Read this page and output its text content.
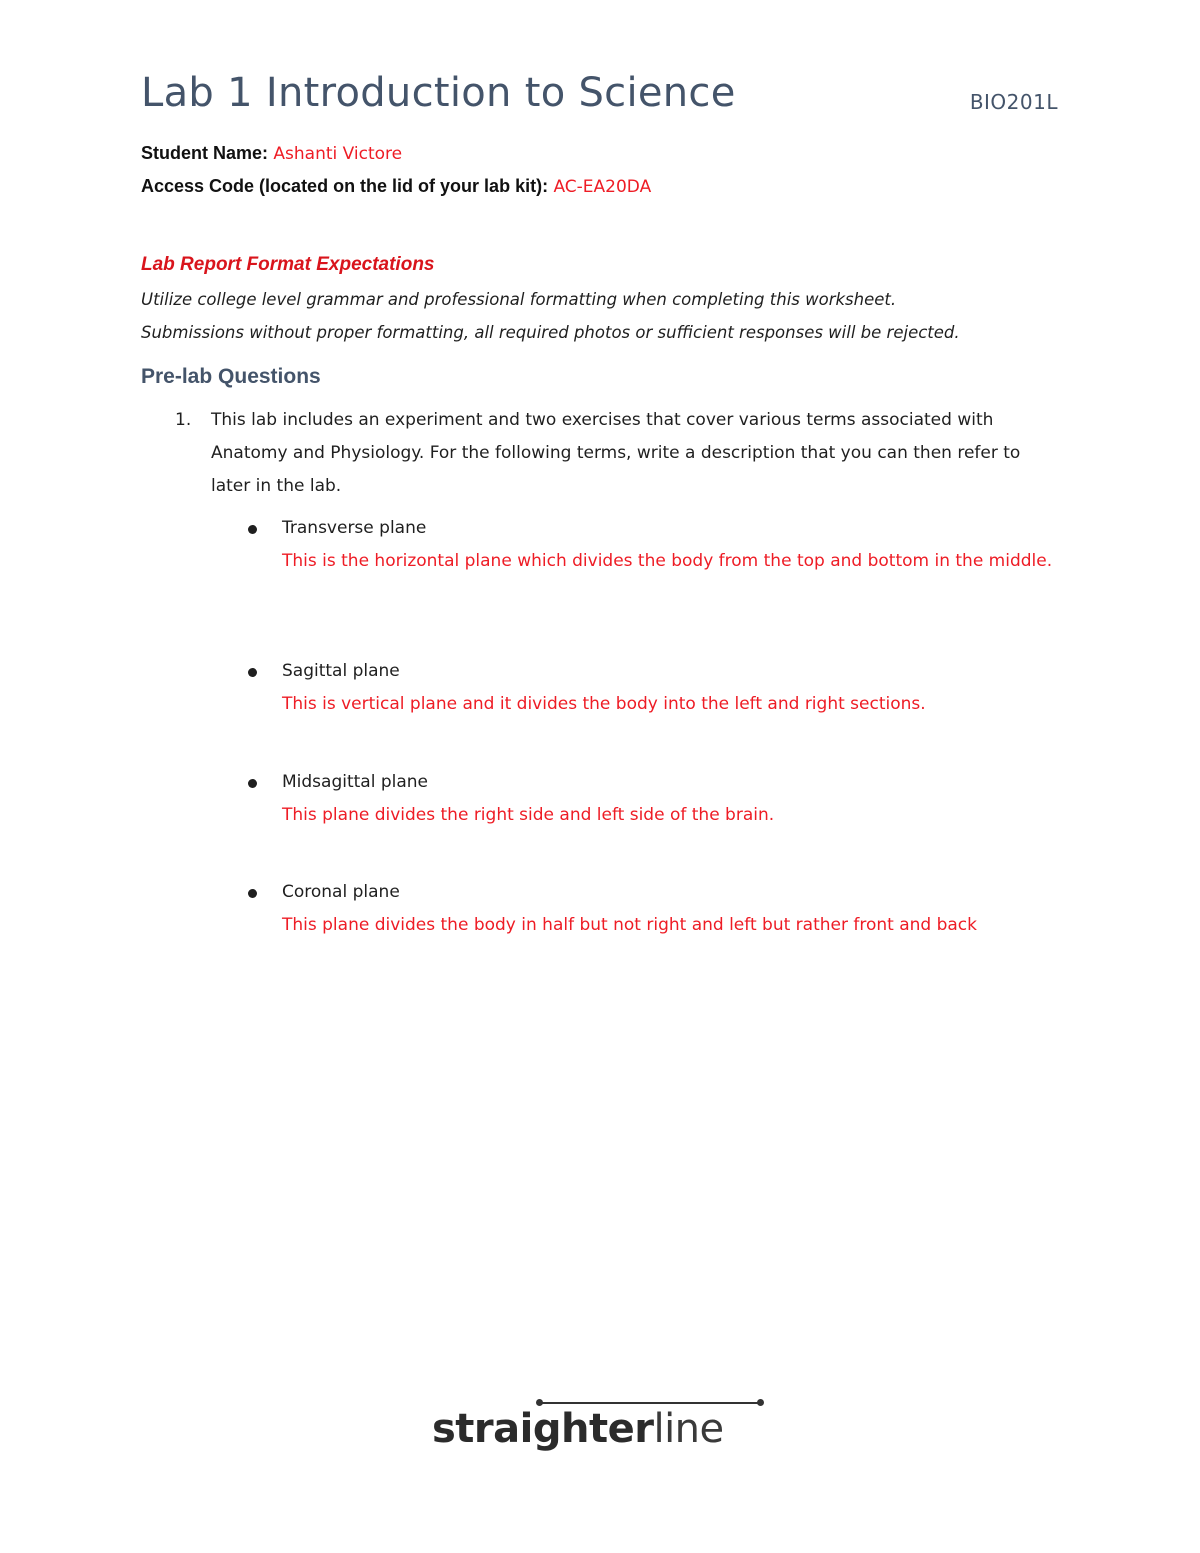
Lab 1 Introduction to Science	BIO201L
Student Name: Ashanti Victore
Access Code (located on the lid of your lab kit): AC-EA20DA
Lab Report Format Expectations
Utilize college level grammar and professional formatting when completing this worksheet.
Submissions without proper formatting, all required photos or sufficient responses will be rejected.
Pre-lab Questions
1. This lab includes an experiment and two exercises that cover various terms associated with Anatomy and Physiology. For the following terms, write a description that you can then refer to later in the lab.
Transverse plane
This is the horizontal plane which divides the body from the top and bottom in the middle.
Sagittal plane
This is vertical plane and it divides the body into the left and right sections.
Midsagittal plane
This plane divides the right side and left side of the brain.
Coronal plane
This plane divides the body in half but not right and left but rather front and back
straighterline
